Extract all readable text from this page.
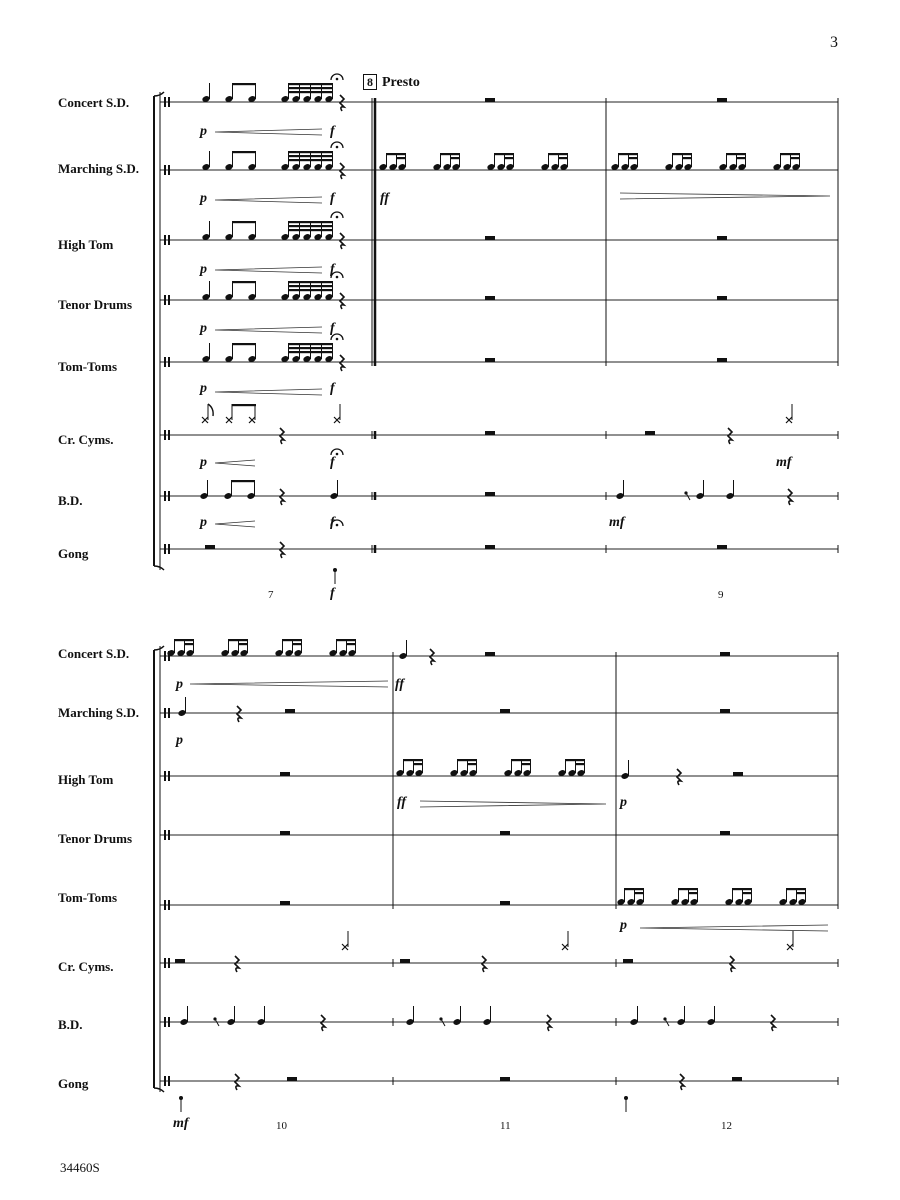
3
Concert S.D.
Marching S.D.
High Tom
Tenor Drums
Tom-Toms
Cr. Cyms.
B.D.
Gong
Concert S.D.
Marching S.D.
High Tom
Tenor Drums
Tom-Toms
Cr. Cyms.
B.D.
Gong
8 Presto
7	9
10	11	12
p	f
p	f	ff
p	f
p	f
p	f
p	f	mf
p	f	mf
f
p	ff
p
ff	p
p
mf
34460S
